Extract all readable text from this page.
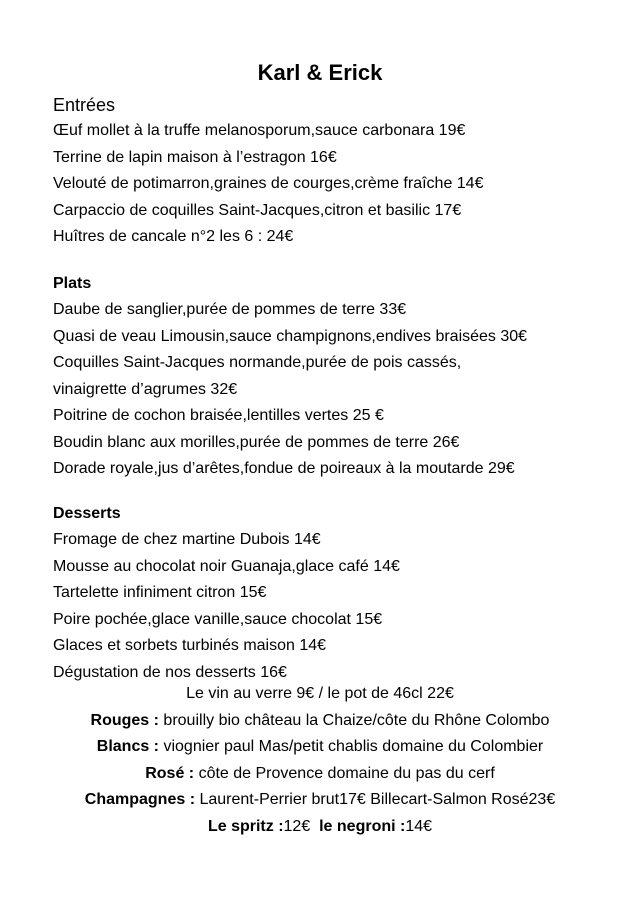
Karl & Erick
Entrées
Œuf mollet à la truffe melanosporum,sauce carbonara 19€
Terrine de lapin maison à l’estragon 16€
Velouté de potimarron,graines de courges,crème fraîche 14€
Carpaccio de coquilles Saint-Jacques,citron et basilic 17€
Huîtres de cancale n°2 les 6 : 24€
Plats
Daube de sanglier,purée de pommes de terre 33€
Quasi de veau Limousin,sauce champignons,endives braisées 30€
Coquilles Saint-Jacques normande,purée de pois cassés,
vinaigrette d’agrumes 32€
Poitrine de cochon braisée,lentilles vertes 25 €
Boudin blanc aux morilles,purée de pommes de terre 26€
Dorade royale,jus d’arêtes,fondue de poireaux à la moutarde 29€
Desserts
Fromage de chez martine Dubois 14€
Mousse au chocolat noir Guanaja,glace café 14€
Tartelette infiniment citron 15€
Poire pochée,glace vanille,sauce chocolat 15€
Glaces et sorbets turbinés maison 14€
Dégustation de nos desserts 16€
Le vin au verre 9€ / le pot de 46cl 22€
Rouges : brouilly bio château la Chaize/côte du Rhône Colombo
Blancs : viognier paul Mas/petit chablis domaine du Colombier
Rosé : côte de Provence domaine du pas du cerf
Champagnes : Laurent-Perrier brut17€ Billecart-Salmon Rosé23€
Le spritz :12€  le negroni :14€
